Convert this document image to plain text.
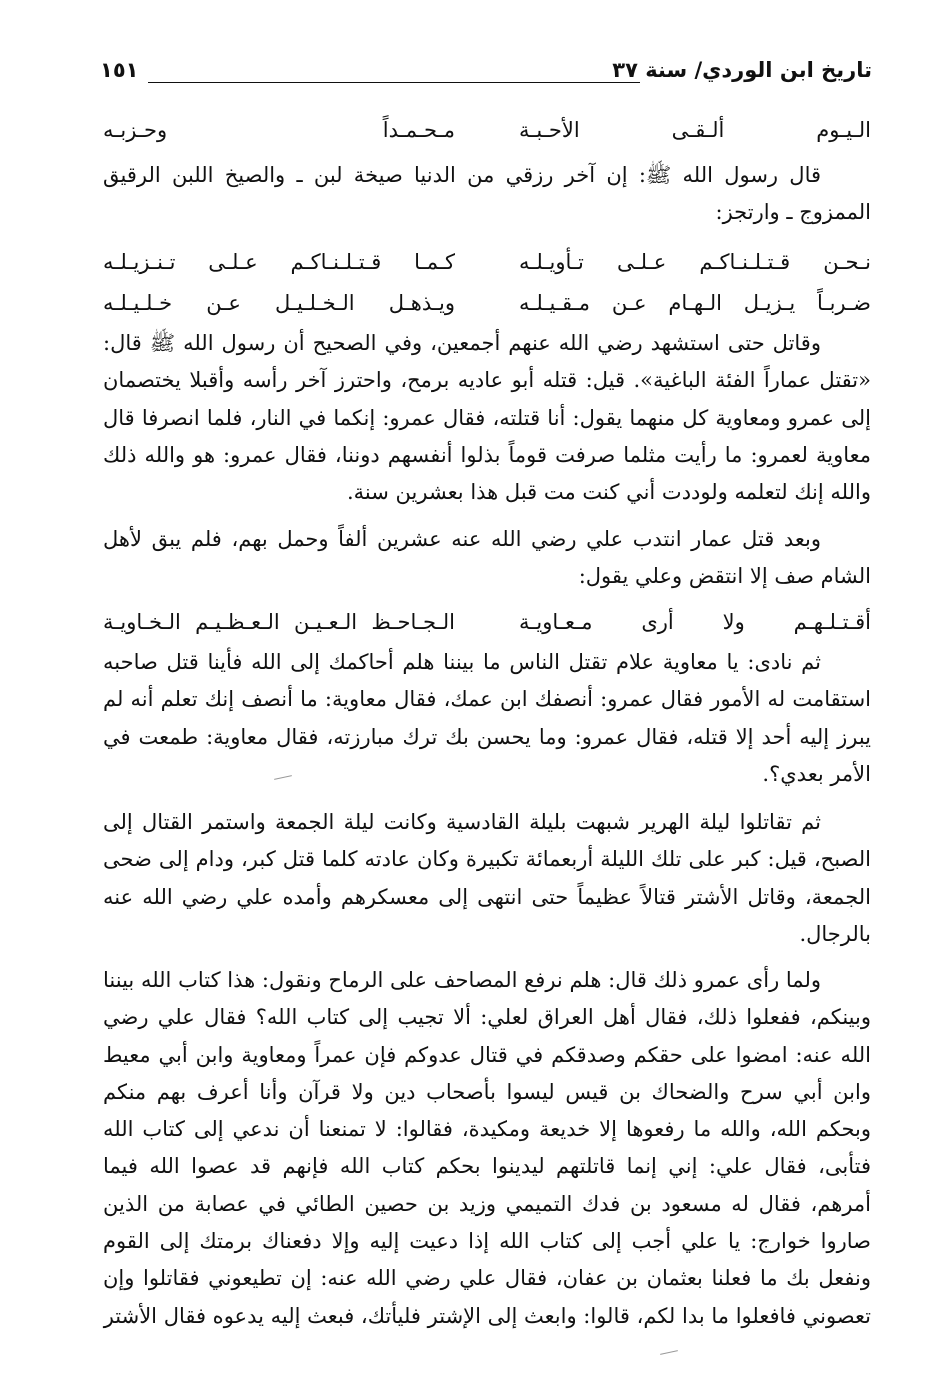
تاريخ ابن الوردي/ سنة ٣٧
١٥١
الـيـوم ألـقـى الأحـبـة
مـحـمـداً وحـزبـه
قال رسول الله ﷺ: إن آخر رزقي من الدنيا صيخة لبن ـ والصيخ اللبن الرقيق الممزوج ـ وارتجز:
نـحـن قـتـلـنـاكـم عـلـى تـأويـلـه
كـمـا قـتـلـنـاكـم عـلـى تـنـزيـلـه
ضـربـاً يـزيـل الـهـام عـن مـقـيـلـه
ويـذهـل الـخـلـيـل عـن خـلـيـلـه
وقاتل حتى استشهد رضي الله عنهم أجمعين، وفي الصحيح أن رسول الله ﷺ قال: «تقتل عماراً الفئة الباغية». قيل: قتله أبو عاديه برمح، واحترز آخر رأسه وأقبلا يختصمان إلى عمرو ومعاوية كل منهما يقول: أنا قتلته، فقال عمرو: إنكما في النار، فلما انصرفا قال معاوية لعمرو: ما رأيت مثلما صرفت قوماً بذلوا أنفسهم دوننا، فقال عمرو: هو والله ذلك والله إنك لتعلمه ولوددت أني كنت مت قبل هذا بعشرين سنة.
وبعد قتل عمار انتدب علي رضي الله عنه عشرين ألفاً وحمل بهم، فلم يبق لأهل الشام صف إلا انتقض وعلي يقول:
أقـتـلـهـم ولا أرى مـعـاويـة
الـجـاحـظ الـعـيـن الـعـظـيـم الـخـاويـة
ثم نادى: يا معاوية علام تقتل الناس ما بيننا هلم أحاكمك إلى الله فأينا قتل صاحبه استقامت له الأمور فقال عمرو: أنصفك ابن عمك، فقال معاوية: ما أنصف إنك تعلم أنه لم يبرز إليه أحد إلا قتله، فقال عمرو: وما يحسن بك ترك مبارزته، فقال معاوية: طمعت في الأمر بعدي؟.
ثم تقاتلوا ليلة الهرير شبهت بليلة القادسية وكانت ليلة الجمعة واستمر القتال إلى الصبح، قيل: كبر على تلك الليلة أربعمائة تكبيرة وكان عادته كلما قتل كبر، ودام إلى ضحى الجمعة، وقاتل الأشتر قتالاً عظيماً حتى انتهى إلى معسكرهم وأمده علي رضي الله عنه بالرجال.
ولما رأى عمرو ذلك قال: هلم نرفع المصاحف على الرماح ونقول: هذا كتاب الله بيننا وبينكم، ففعلوا ذلك، فقال أهل العراق لعلي: ألا تجيب إلى كتاب الله؟ فقال علي رضي الله عنه: امضوا على حقكم وصدقكم في قتال عدوكم فإن عمراً ومعاوية وابن أبي معيط وابن أبي سرح والضحاك بن قيس ليسوا بأصحاب دين ولا قرآن وأنا أعرف بهم منكم وبحكم الله، والله ما رفعوها إلا خديعة ومكيدة، فقالوا: لا تمنعنا أن ندعي إلى كتاب الله فتأبى، فقال علي: إني إنما قاتلتهم ليدينوا بحكم كتاب الله فإنهم قد عصوا الله فيما أمرهم، فقال له مسعود بن فدك التميمي وزيد بن حصين الطائي في عصابة من الذين صاروا خوارج: يا علي أجب إلى كتاب الله إذا دعيت إليه وإلا دفعناك برمتك إلى القوم ونفعل بك ما فعلنا بعثمان بن عفان، فقال علي رضي الله عنه: إن تطيعوني فقاتلوا وإن تعصوني فافعلوا ما بدا لكم، قالوا: وابعث إلى الإشتر فليأتك، فبعث إليه يدعوه فقال الأشتر
